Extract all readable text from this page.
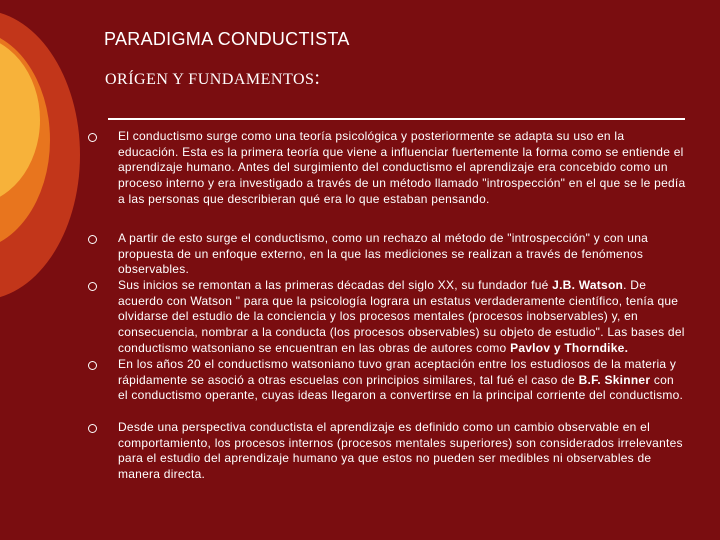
PARADIGMA CONDUCTISTA
ORÍGEN Y FUNDAMENTOS:
El conductismo surge como una teoría psicológica y posteriormente se adapta su uso en la educación. Esta es la primera teoría que viene a influenciar fuertemente la forma como se entiende el aprendizaje humano. Antes del surgimiento del conductismo el aprendizaje era concebido como un proceso interno y era investigado a través de un método llamado "introspección" en el que se le pedía a las personas que describieran qué era lo que estaban pensando.
A partir de esto surge el conductismo, como un rechazo al método de "introspección" y con una propuesta de un enfoque externo, en la que las mediciones se realizan a través de fenómenos observables.
Sus inicios se remontan a las primeras décadas del siglo XX, su fundador fué J.B. Watson. De acuerdo con Watson " para que la psicología lograra un estatus verdaderamente científico, tenía que olvidarse del estudio de la conciencia y los procesos mentales (procesos inobservables) y, en consecuencia, nombrar a la conducta (los procesos observables) su objeto de estudio". Las bases del conductismo watsoniano se encuentran en las obras de autores como Pavlov y Thorndike.
En los años 20 el conductismo watsoniano tuvo gran aceptación entre los estudiosos de la materia y rápidamente se asoció a otras escuelas con principios similares, tal fué el caso de B.F. Skinner con el conductismo operante, cuyas ideas llegaron a convertirse en la principal corriente del conductismo.
Desde una perspectiva conductista el aprendizaje es definido como un cambio observable en el comportamiento, los procesos internos (procesos mentales superiores) son considerados irrelevantes para el estudio del aprendizaje humano ya que estos no pueden ser medibles ni observables de manera directa.
